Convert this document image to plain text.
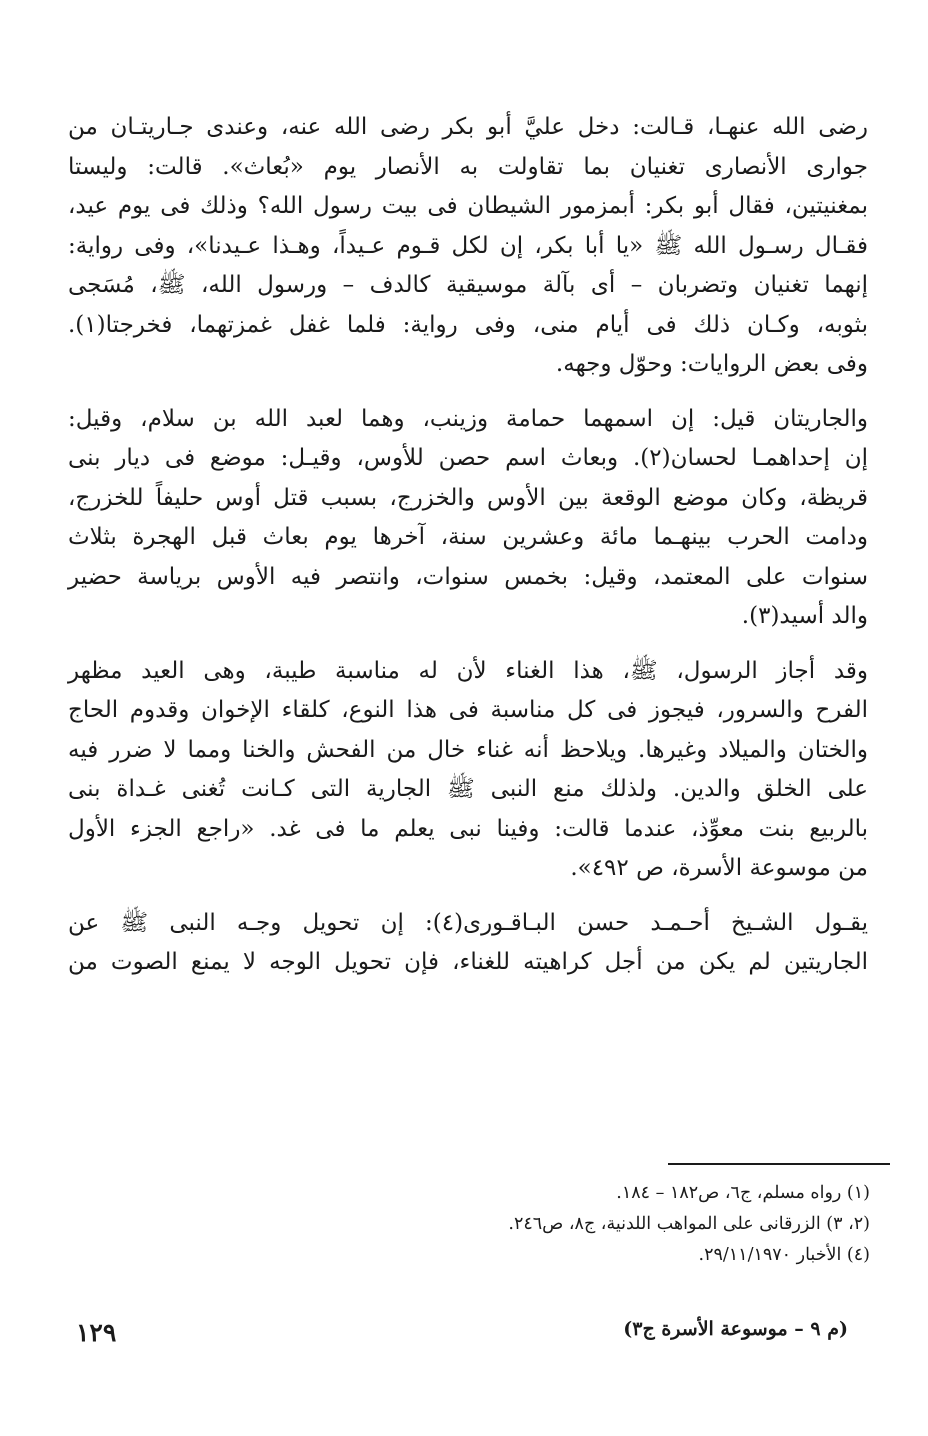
رضى الله عنهـا، قـالت: دخل عليَّ أبو بكر رضى الله عنه، وعندى جـاريتـان من
جوارى الأنصارى تغنيان بما تقاولت به الأنصار يوم «بُعاث». قالت: وليستا
بمغنيتين، فقال أبو بكر: أبمزمور الشيطان فى بيت رسول الله؟ وذلك فى يوم عيد،
فقـال رسـول الله ﷺ «يا أبا بكر، إن لكل قـوم عـيداً، وهـذا عـيدنا»، وفى رواية:
إنهما تغنيان وتضربان – أى بآلة موسيقية كالدف – ورسول الله، ﷺ، مُسَجى
بثوبه، وكـان ذلك فى أيام منى، وفى رواية: فلما غفل غمزتهما، فخرجتا(١).
وفى بعض الروايات: وحوّل وجهه.

والجاريتان قيل: إن اسمهما حمامة وزينب، وهما لعبد الله بن سلام، وقيل:
إن إحداهمـا لحسان(٢). وبعاث اسم حصن للأوس، وقيـل: موضع فى ديار بنى
قريظة، وكان موضع الوقعة بين الأوس والخزرج، بسبب قتل أوس حليفاً للخزرج،
ودامت الحرب بينهـما مائة وعشرين سنة، آخرها يوم بعاث قبل الهجرة بثلاث
سنوات على المعتمد، وقيل: بخمس سنوات، وانتصر فيه الأوس برياسة حضير
والد أسيد(٣).

وقد أجاز الرسول، ﷺ، هذا الغناء لأن له مناسبة طيبة، وهى العيد مظهر
الفرح والسرور، فيجوز فى كل مناسبة فى هذا النوع، كلقاء الإخوان وقدوم الحاج
والختان والميلاد وغيرها. ويلاحظ أنه غناء خال من الفحش والخنا ومما لا ضرر فيه
على الخلق والدين. ولذلك منع النبى ﷺ الجارية التى كـانت تُغنى غـداة بنى
بالربيع بنت معوِّذ، عندما قالت: وفينا نبى يعلم ما فى غد. «راجع الجزء الأول
من موسوعة الأسرة، ص ٤٩٢».

يقـول الشـيخ أحـمـد حسن البـاقـورى(٤): إن تحويل وجـه النبى ﷺ عن
الجاريتين لم يكن من أجل كراهيته للغناء، فإن تحويل الوجه لا يمنع الصوت من

(١) رواه مسلم، ج٦، ص١٨٢ – ١٨٤.
(٢، ٣) الزرقانى على المواهب اللدنية، ج٨، ص٢٤٦.
(٤) الأخبار ٢٩/١١/١٩٧٠.
(م ٩ – موسوعة الأسرة ج٣)
١٢٩
